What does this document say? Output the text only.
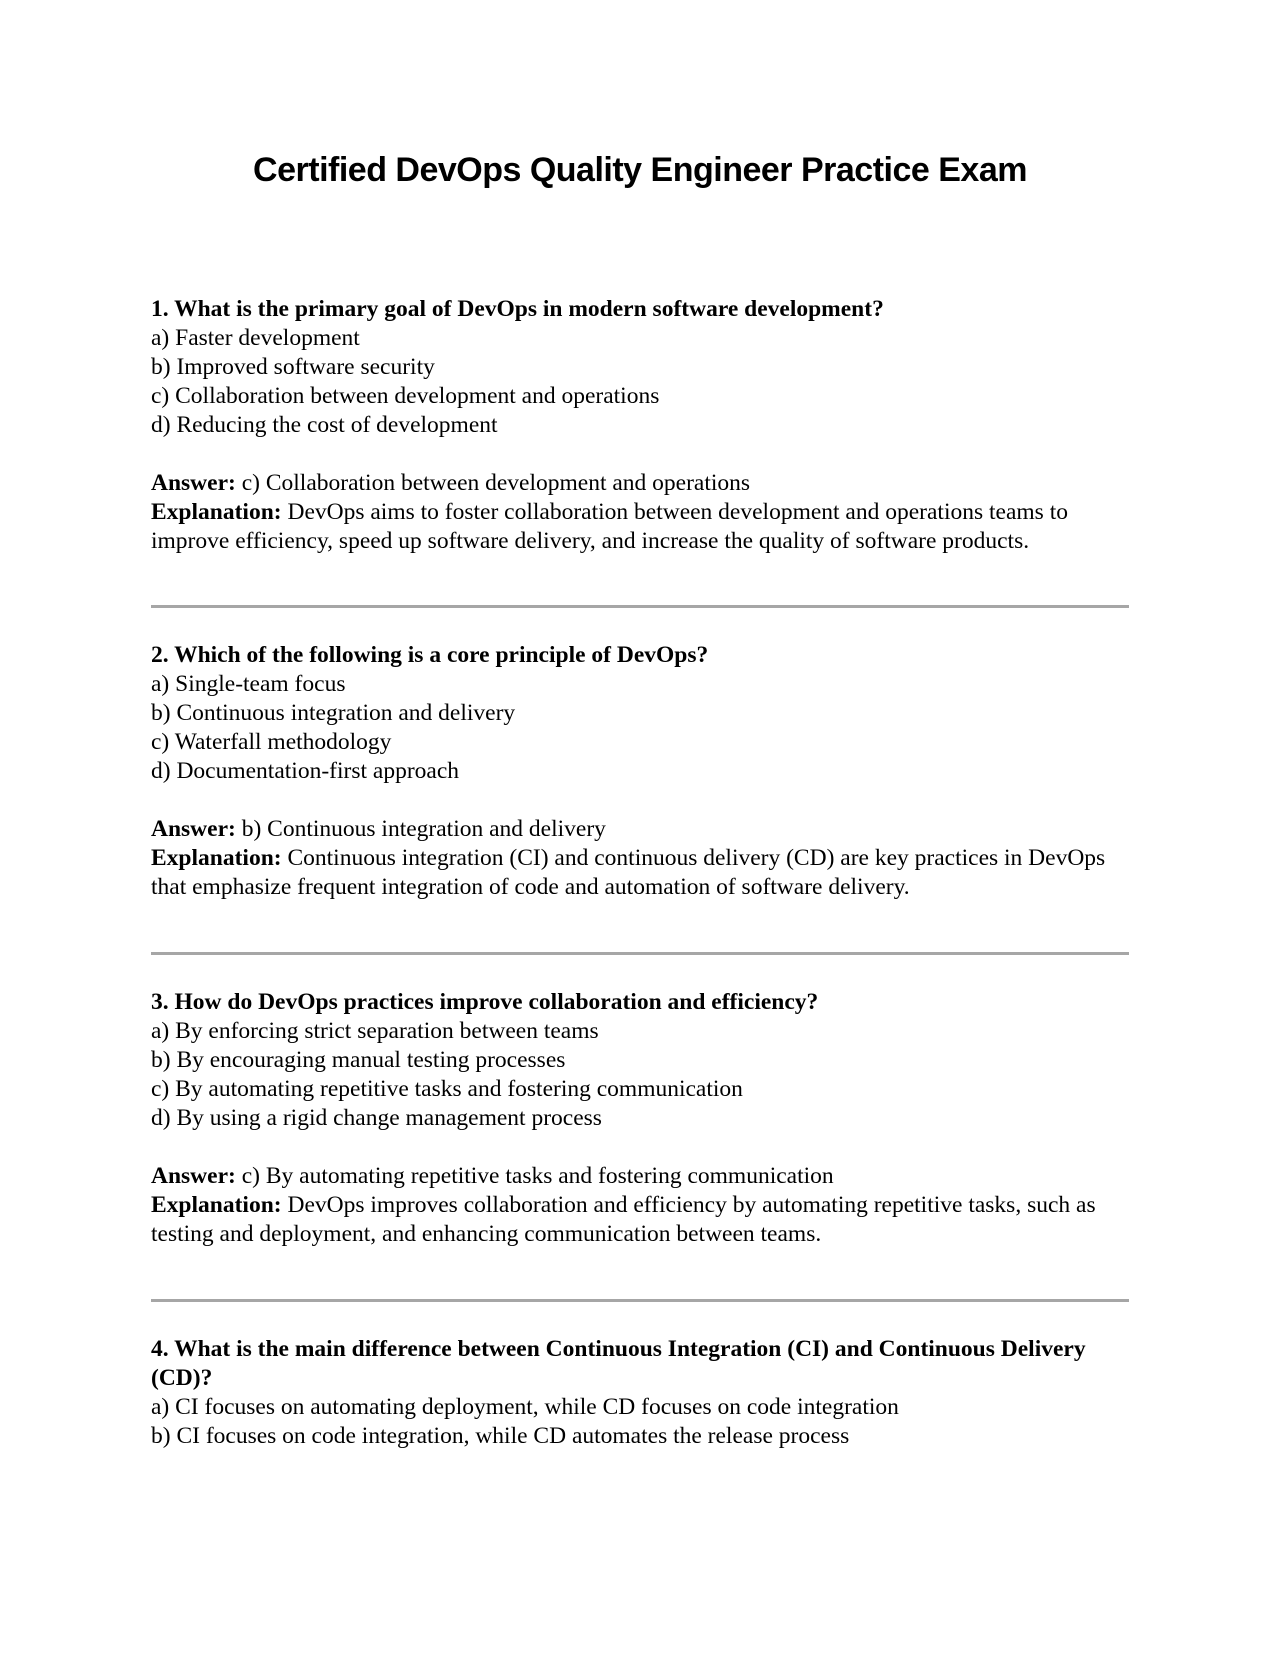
Certified DevOps Quality Engineer Practice Exam

1. What is the primary goal of DevOps in modern software development?

a) Faster development

b) Improved software security

c) Collaboration between development and operations

d) Reducing the cost of development

Answer: c) Collaboration between development and operations

Explanation: DevOps aims to foster collaboration between development and operations teams to improve efficiency, speed up software delivery, and increase the quality of software products.

2. Which of the following is a core principle of DevOps?

a) Single-team focus

b) Continuous integration and delivery

c) Waterfall methodology

d) Documentation-first approach

Answer: b) Continuous integration and delivery

Explanation: Continuous integration (CI) and continuous delivery (CD) are key practices in DevOps that emphasize frequent integration of code and automation of software delivery.

3. How do DevOps practices improve collaboration and efficiency?

a) By enforcing strict separation between teams

b) By encouraging manual testing processes

c) By automating repetitive tasks and fostering communication

d) By using a rigid change management process

Answer: c) By automating repetitive tasks and fostering communication

Explanation: DevOps improves collaboration and efficiency by automating repetitive tasks, such as testing and deployment, and enhancing communication between teams.

4. What is the main difference between Continuous Integration (CI) and Continuous Delivery (CD)?

a) CI focuses on automating deployment, while CD focuses on code integration

b) CI focuses on code integration, while CD automates the release process
